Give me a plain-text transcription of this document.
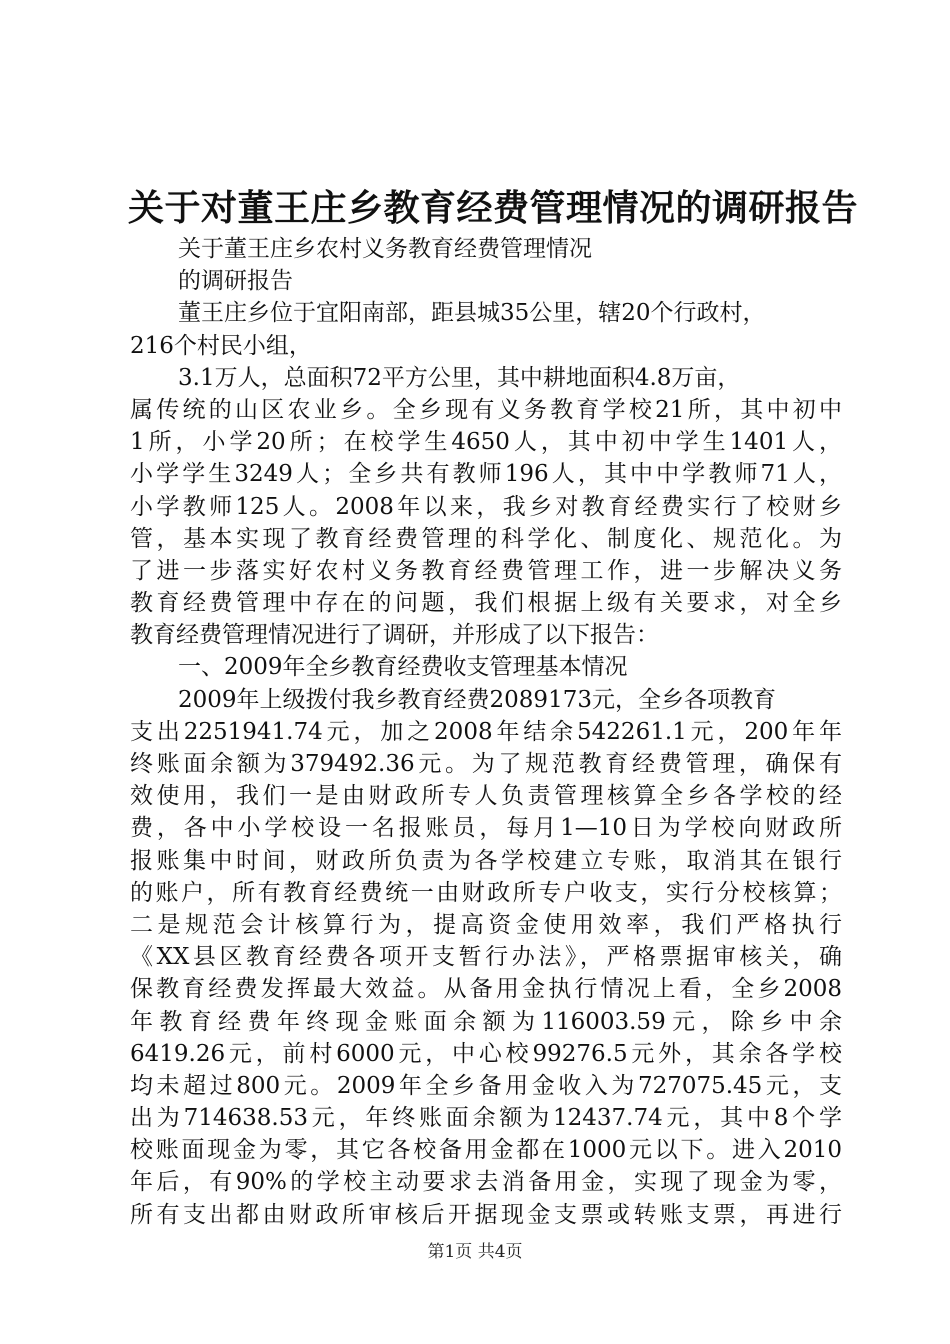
关于对董王庄乡教育经费管理情况的调研报告
关于董王庄乡农村义务教育经费管理情况
的调研报告
董王庄乡位于宜阳南部，距县城35公里，辖20个行政村，
216个村民小组，
3.1万人，总面积72平方公里，其中耕地面积4.8万亩，
属传统的山区农业乡。全乡现有义务教育学校21所，其中初中
1所，小学20所；在校学生4650人，其中初中学生1401人，
小学学生3249人；全乡共有教师196人，其中中学教师71人，
小学教师125人。2008年以来，我乡对教育经费实行了校财乡
管，基本实现了教育经费管理的科学化、制度化、规范化。为
了进一步落实好农村义务教育经费管理工作，进一步解决义务
教育经费管理中存在的问题，我们根据上级有关要求，对全乡
教育经费管理情况进行了调研，并形成了以下报告：
一、2009年全乡教育经费收支管理基本情况
2009年上级拨付我乡教育经费2089173元，全乡各项教育
支出2251941.74元，加之2008年结余542261.1元，200年年
终账面余额为379492.36元。为了规范教育经费管理，确保有
效使用，我们一是由财政所专人负责管理核算全乡各学校的经
费，各中小学校设一名报账员，每月1—10日为学校向财政所
报账集中时间，财政所负责为各学校建立专账，取消其在银行
的账户，所有教育经费统一由财政所专户收支，实行分校核算；
二是规范会计核算行为，提高资金使用效率，我们严格执行
《XX县区教育经费各项开支暂行办法》，严格票据审核关，确
保教育经费发挥最大效益。从备用金执行情况上看，全乡2008
年教育经费年终现金账面余额为116003.59元，除乡中余
6419.26元，前村6000元，中心校99276.5元外，其余各学校
均未超过800元。2009年全乡备用金收入为727075.45元，支
出为714638.53元，年终账面余额为12437.74元，其中8个学
校账面现金为零，其它各校备用金都在1000元以下。进入2010
年后，有90%的学校主动要求去消备用金，实现了现金为零，
所有支出都由财政所审核后开据现金支票或转账支票，再进行
第1页 共4页
